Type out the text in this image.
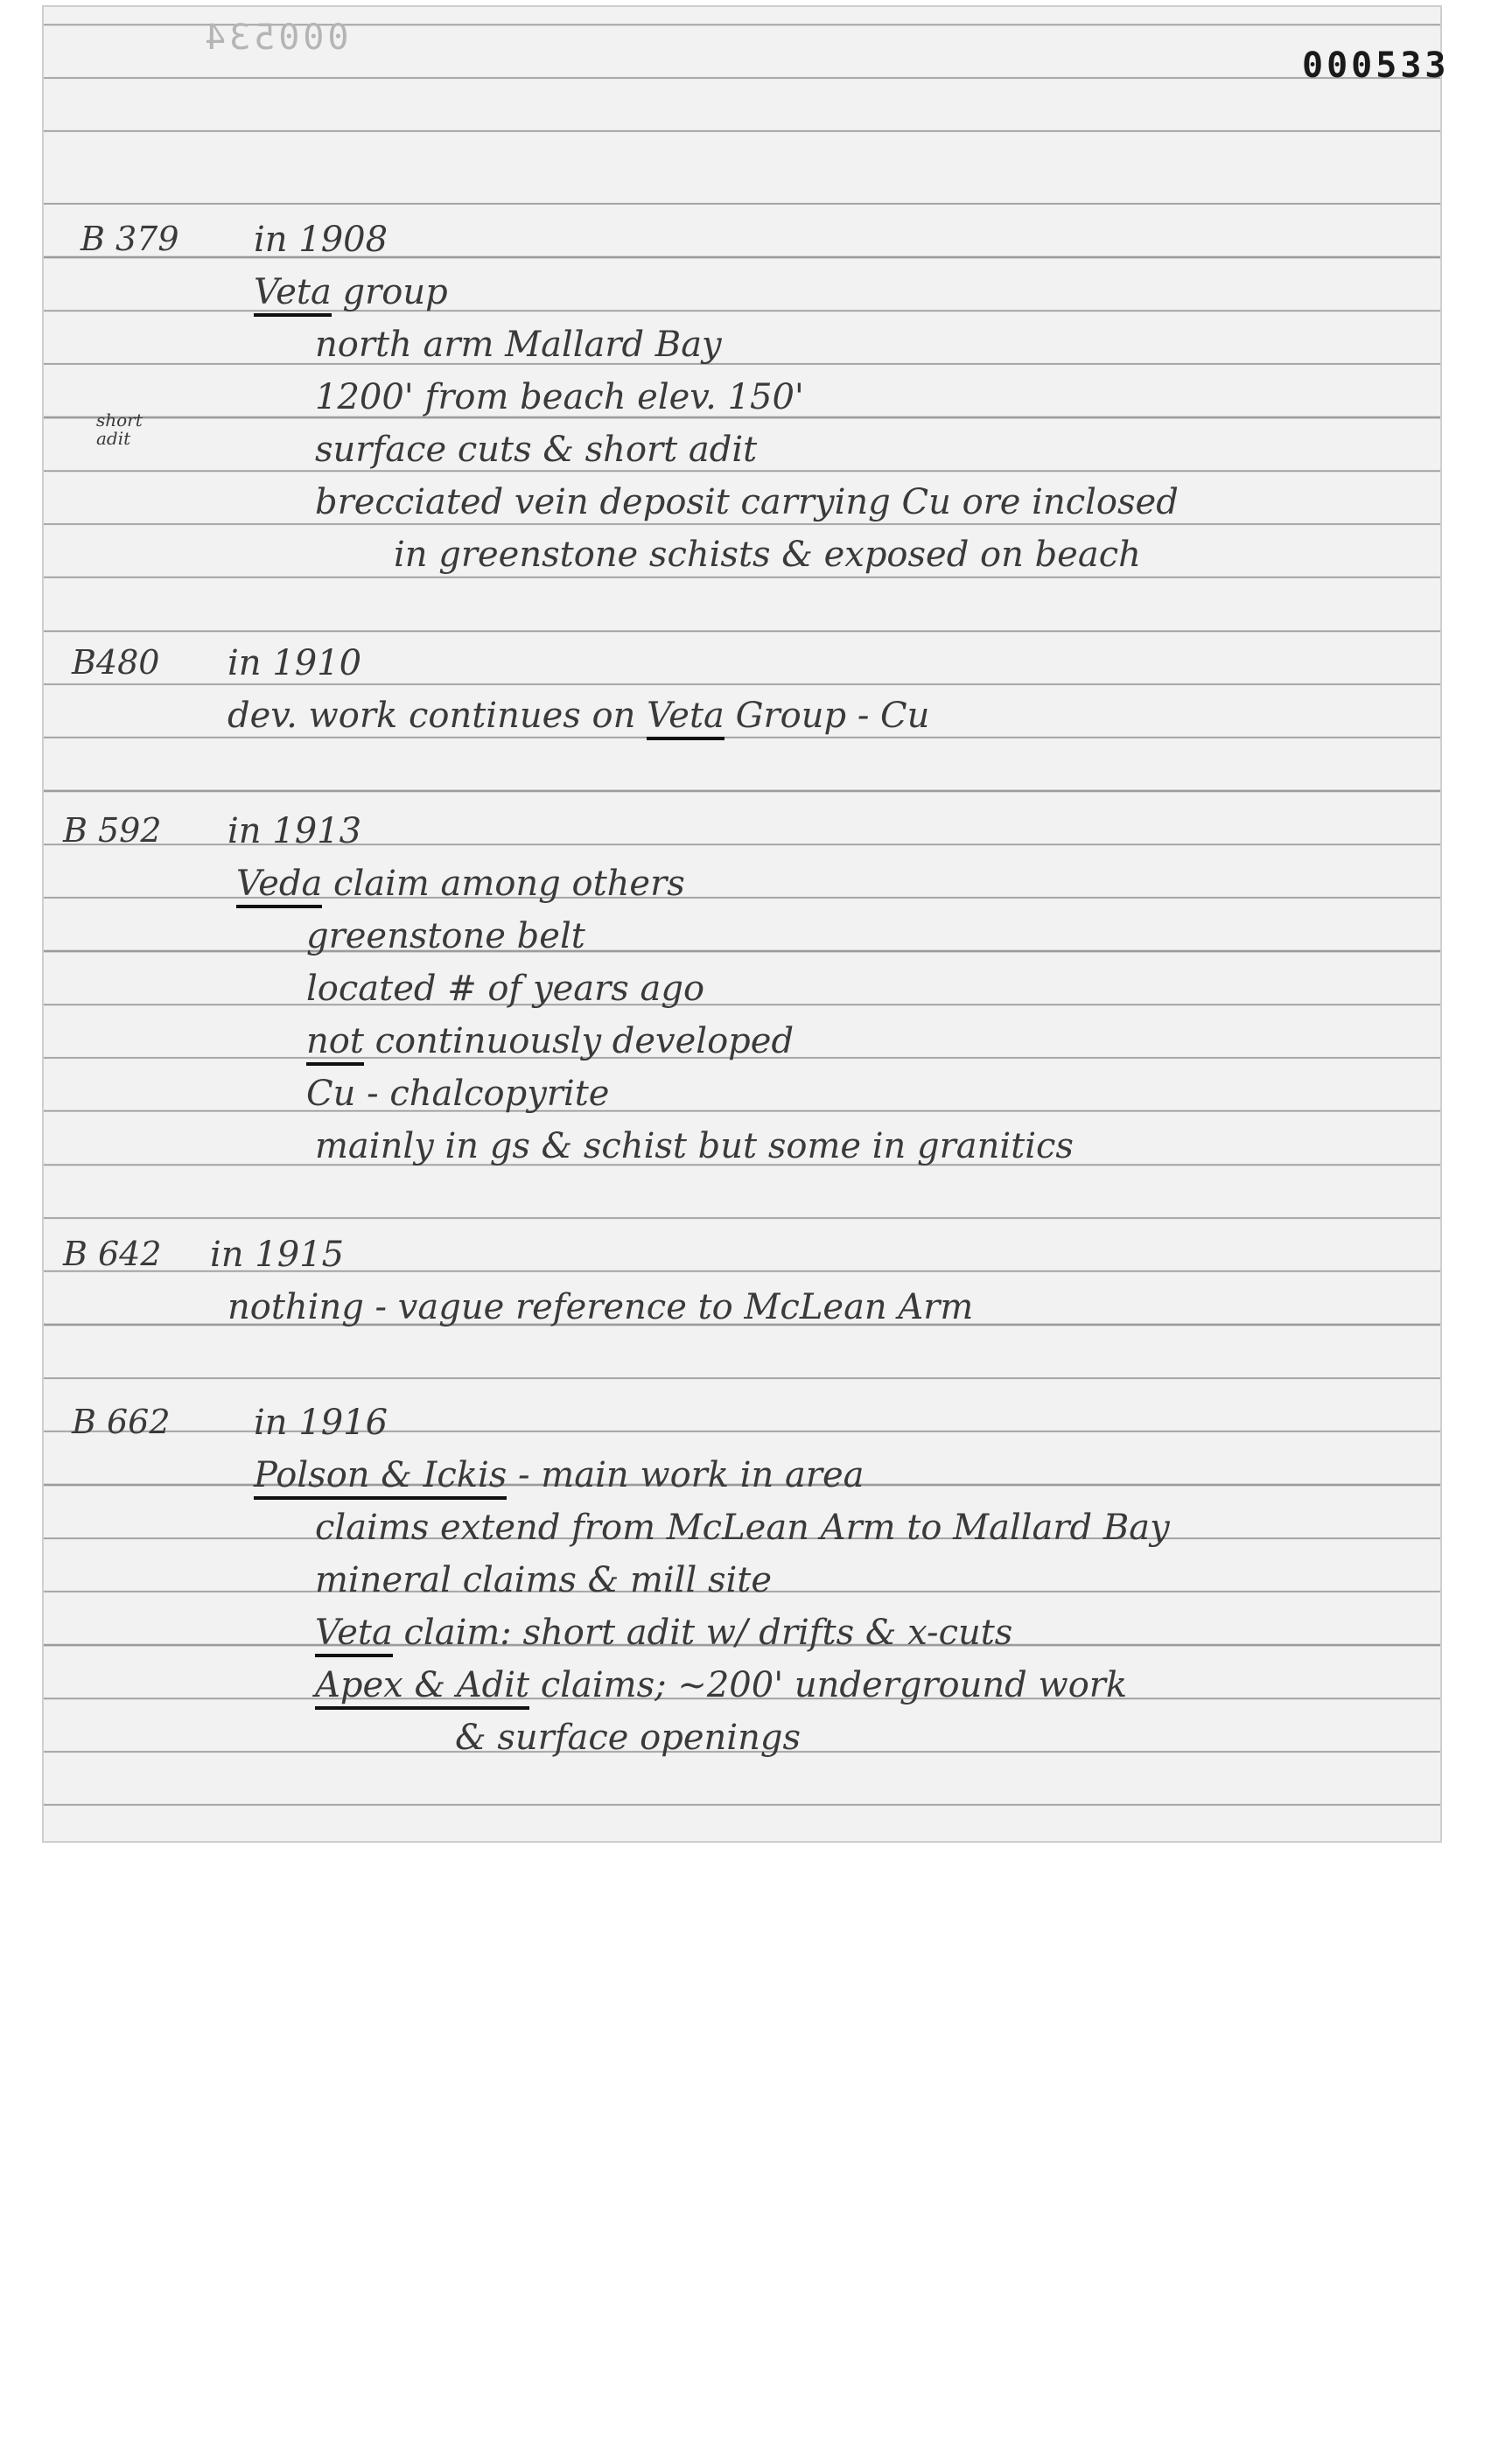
000534
000533
short
adit
B 379 in 1908
Veta group
north arm Mallard Bay
1200' from beach elev. 150'
surface cuts & short adit
brecciated vein deposit carrying Cu ore inclosed
in greenstone schists & exposed on beach
B480 in 1910
dev. work continues on Veta Group - Cu
B 592 in 1913
Veda claim among others
greenstone belt
located # of years ago
not continuously developed
Cu - chalcopyrite
mainly in gs & schist but some in granitics
B 642 in 1915
nothing - vague reference to McLean Arm
B 662 in 1916
Polson & Ickis - main work in area
claims extend from McLean Arm to Mallard Bay
mineral claims & mill site
Veta claim: short adit w/ drifts & x-cuts
Apex & Adit claims; ~200' underground work
& surface openings
